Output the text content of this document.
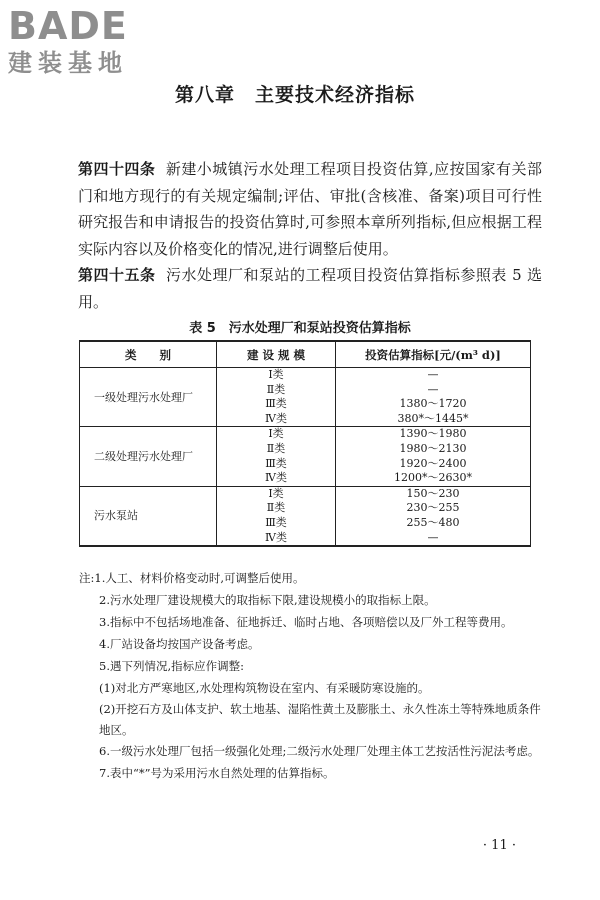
BADE
建装基地
第八章　主要技术经济指标
第四十四条 新建小城镇污水处理工程项目投资估算,应按国家有关部门和地方现行的有关规定编制;评估、审批(含核准、备案)项目可行性研究报告和申请报告的投资估算时,可参照本章所列指标,但应根据工程实际内容以及价格变化的情况,进行调整后使用。
第四十五条 污水处理厂和泵站的工程项目投资估算指标参照表 5 选用。
表 5　污水处理厂和泵站投资估算指标
类　　别	建 设 规 模	投资估算指标[元/(m³ d)]
一级处理污水处理厂	Ⅰ类	—
	Ⅱ类	—
	Ⅲ类	1380～1720
	Ⅳ类	380*～1445*
二级处理污水处理厂	Ⅰ类	1390～1980
	Ⅱ类	1980～2130
	Ⅲ类	1920～2400
	Ⅳ类	1200*～2630*
污水泵站	Ⅰ类	150～230
	Ⅱ类	230～255
	Ⅲ类	255～480
	Ⅳ类	—
注:1.人工、材料价格变动时,可调整后使用。
2.污水处理厂建设规模大的取指标下限,建设规模小的取指标上限。
3.指标中不包括场地准备、征地拆迁、临时占地、各项赔偿以及厂外工程等费用。
4.厂站设备均按国产设备考虑。
5.遇下列情况,指标应作调整:
(1)对北方严寒地区,水处理构筑物设在室内、有采暖防寒设施的。
(2)开挖石方及山体支护、软土地基、湿陷性黄土及膨胀土、永久性冻土等特殊地质条件地区。
6.一级污水处理厂包括一级强化处理;二级污水处理厂处理主体工艺按活性污泥法考虑。
7.表中“*”号为采用污水自然处理的估算指标。
· 11 ·
